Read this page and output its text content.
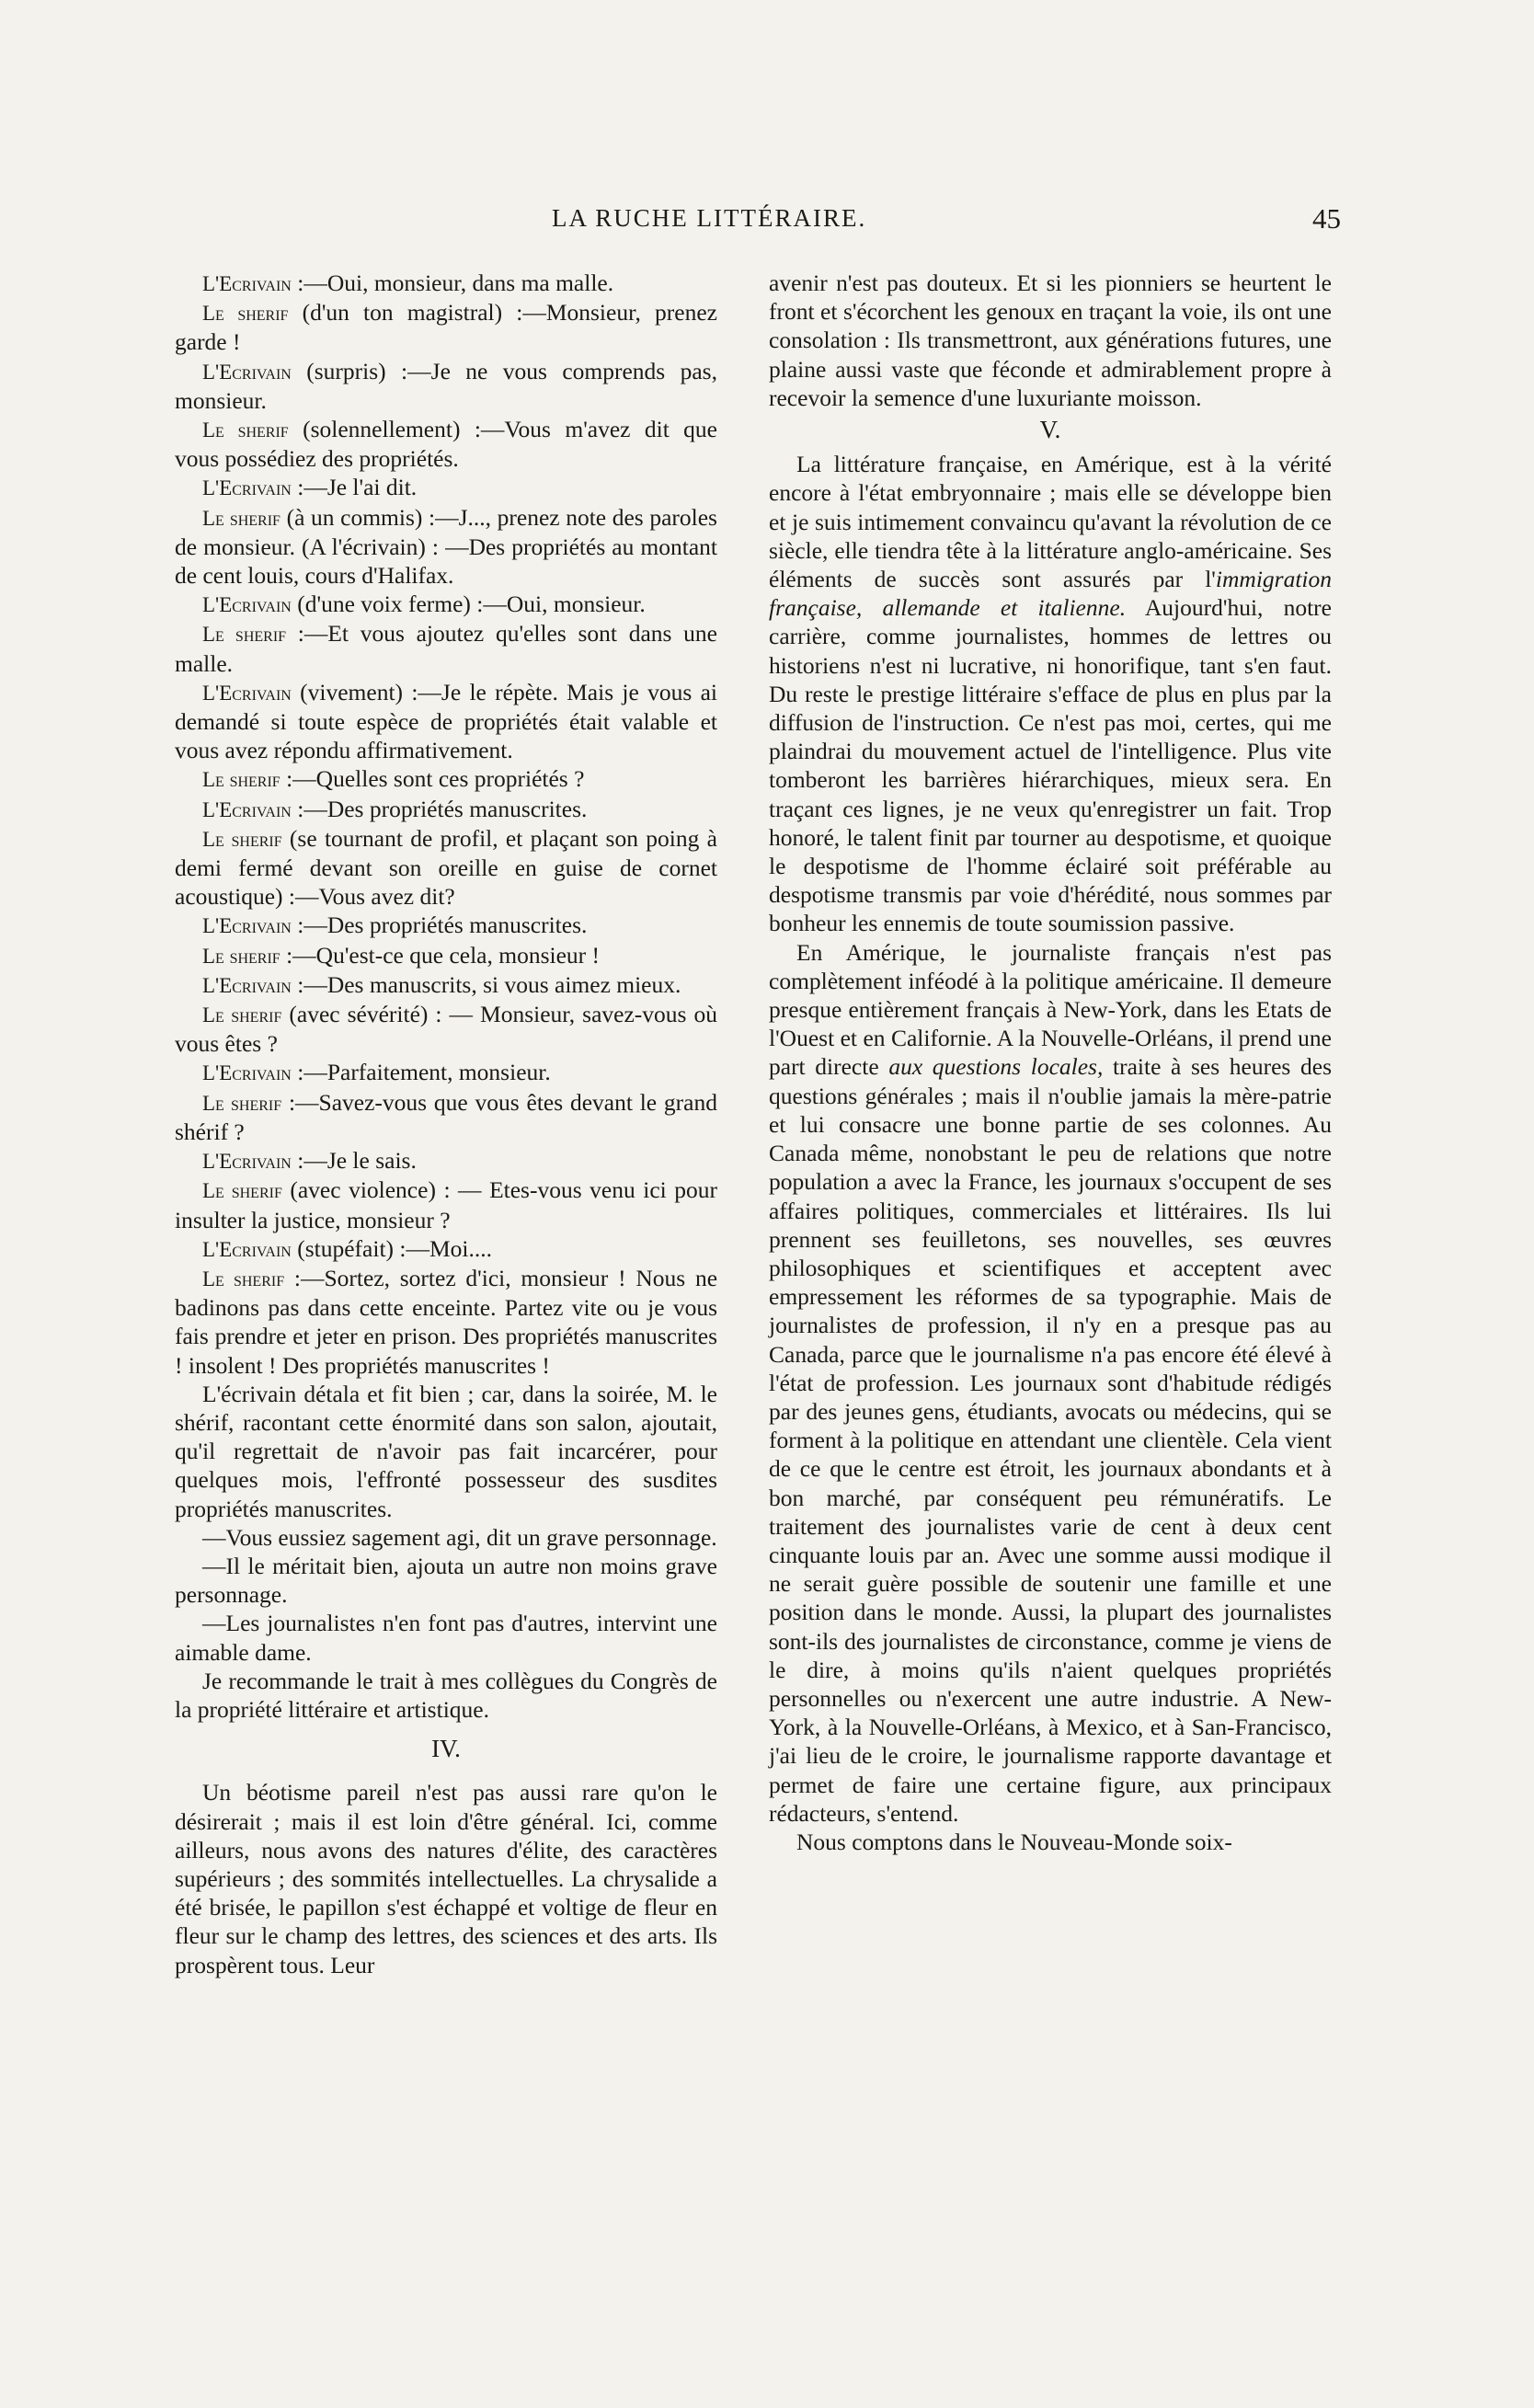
LA RUCHE LITTÉRAIRE.	45

L'Ecrivain :—Oui, monsieur, dans ma malle.

Le sherif (d'un ton magistral) :—Monsieur, prenez garde !

L'Ecrivain (surpris) :—Je ne vous comprends pas, monsieur.

Le sherif (solennellement) :—Vous m'avez dit que vous possédiez des propriétés.

L'Ecrivain :—Je l'ai dit.

Le sherif (à un commis) :—J..., prenez note des paroles de monsieur. (A l'écrivain) : —Des propriétés au montant de cent louis, cours d'Halifax.

L'Ecrivain (d'une voix ferme) :—Oui, monsieur.

Le sherif :—Et vous ajoutez qu'elles sont dans une malle.

L'Ecrivain (vivement) :—Je le répète. Mais je vous ai demandé si toute espèce de propriétés était valable et vous avez répondu affirmativement.

Le sherif :—Quelles sont ces propriétés ?

L'Ecrivain :—Des propriétés manuscrites.

Le sherif (se tournant de profil, et plaçant son poing à demi fermé devant son oreille en guise de cornet acoustique) :—Vous avez dit?

L'Ecrivain :—Des propriétés manuscrites.

Le sherif :—Qu'est-ce que cela, monsieur !

L'Ecrivain :—Des manuscrits, si vous aimez mieux.

Le sherif (avec sévérité) : — Monsieur, savez-vous où vous êtes ?

L'Ecrivain :—Parfaitement, monsieur.

Le sherif :—Savez-vous que vous êtes devant le grand shérif ?

L'Ecrivain :—Je le sais.

Le sherif (avec violence) : — Etes-vous venu ici pour insulter la justice, monsieur ?

L'Ecrivain (stupéfait) :—Moi....

Le sherif :—Sortez, sortez d'ici, monsieur ! Nous ne badinons pas dans cette enceinte. Partez vite ou je vous fais prendre et jeter en prison. Des propriétés manuscrites ! insolent ! Des propriétés manuscrites !

L'écrivain détala et fit bien ; car, dans la soirée, M. le shérif, racontant cette énormité dans son salon, ajoutait, qu'il regrettait de n'avoir pas fait incarcérer, pour quelques mois, l'effronté possesseur des susdites propriétés manuscrites.

—Vous eussiez sagement agi, dit un grave personnage.

—Il le méritait bien, ajouta un autre non moins grave personnage.

—Les journalistes n'en font pas d'autres, intervint une aimable dame.

Je recommande le trait à mes collègues du Congrès de la propriété littéraire et artistique.

IV.

Un béotisme pareil n'est pas aussi rare qu'on le désirerait ; mais il est loin d'être général. Ici, comme ailleurs, nous avons des natures d'élite, des caractères supérieurs ; des sommités intellectuelles. La chrysalide a été brisée, le papillon s'est échappé et voltige de fleur en fleur sur le champ des lettres, des sciences et des arts. Ils prospèrent tous. Leur

avenir n'est pas douteux. Et si les pionniers se heurtent le front et s'écorchent les genoux en traçant la voie, ils ont une consolation : Ils transmettront, aux générations futures, une plaine aussi vaste que féconde et admirablement propre à recevoir la semence d'une luxuriante moisson.

V.

La littérature française, en Amérique, est à la vérité encore à l'état embryonnaire ; mais elle se développe bien et je suis intimement convaincu qu'avant la révolution de ce siècle, elle tiendra tête à la littérature anglo-américaine. Ses éléments de succès sont assurés par l'immigration française, allemande et italienne. Aujourd'hui, notre carrière, comme journalistes, hommes de lettres ou historiens n'est ni lucrative, ni honorifique, tant s'en faut. Du reste le prestige littéraire s'efface de plus en plus par la diffusion de l'instruction. Ce n'est pas moi, certes, qui me plaindrai du mouvement actuel de l'intelligence. Plus vite tomberont les barrières hiérarchiques, mieux sera. En traçant ces lignes, je ne veux qu'enregistrer un fait. Trop honoré, le talent finit par tourner au despotisme, et quoique le despotisme de l'homme éclairé soit préférable au despotisme transmis par voie d'hérédité, nous sommes par bonheur les ennemis de toute soumission passive.

En Amérique, le journaliste français n'est pas complètement inféodé à la politique américaine. Il demeure presque entièrement français à New-York, dans les Etats de l'Ouest et en Californie. A la Nouvelle-Orléans, il prend une part directe aux questions locales, traite à ses heures des questions générales ; mais il n'oublie jamais la mère-patrie et lui consacre une bonne partie de ses colonnes. Au Canada même, nonobstant le peu de relations que notre population a avec la France, les journaux s'occupent de ses affaires politiques, commerciales et littéraires. Ils lui prennent ses feuilletons, ses nouvelles, ses œuvres philosophiques et scientifiques et acceptent avec empressement les réformes de sa typographie. Mais de journalistes de profession, il n'y en a presque pas au Canada, parce que le journalisme n'a pas encore été élevé à l'état de profession. Les journaux sont d'habitude rédigés par des jeunes gens, étudiants, avocats ou médecins, qui se forment à la politique en attendant une clientèle. Cela vient de ce que le centre est étroit, les journaux abondants et à bon marché, par conséquent peu rémunératifs. Le traitement des journalistes varie de cent à deux cent cinquante louis par an. Avec une somme aussi modique il ne serait guère possible de soutenir une famille et une position dans le monde. Aussi, la plupart des journalistes sont-ils des journalistes de circonstance, comme je viens de le dire, à moins qu'ils n'aient quelques propriétés personnelles ou n'exercent une autre industrie. A New-York, à la Nouvelle-Orléans, à Mexico, et à San-Francisco, j'ai lieu de le croire, le journalisme rapporte davantage et permet de faire une certaine figure, aux principaux rédacteurs, s'entend.

Nous comptons dans le Nouveau-Monde soix-
